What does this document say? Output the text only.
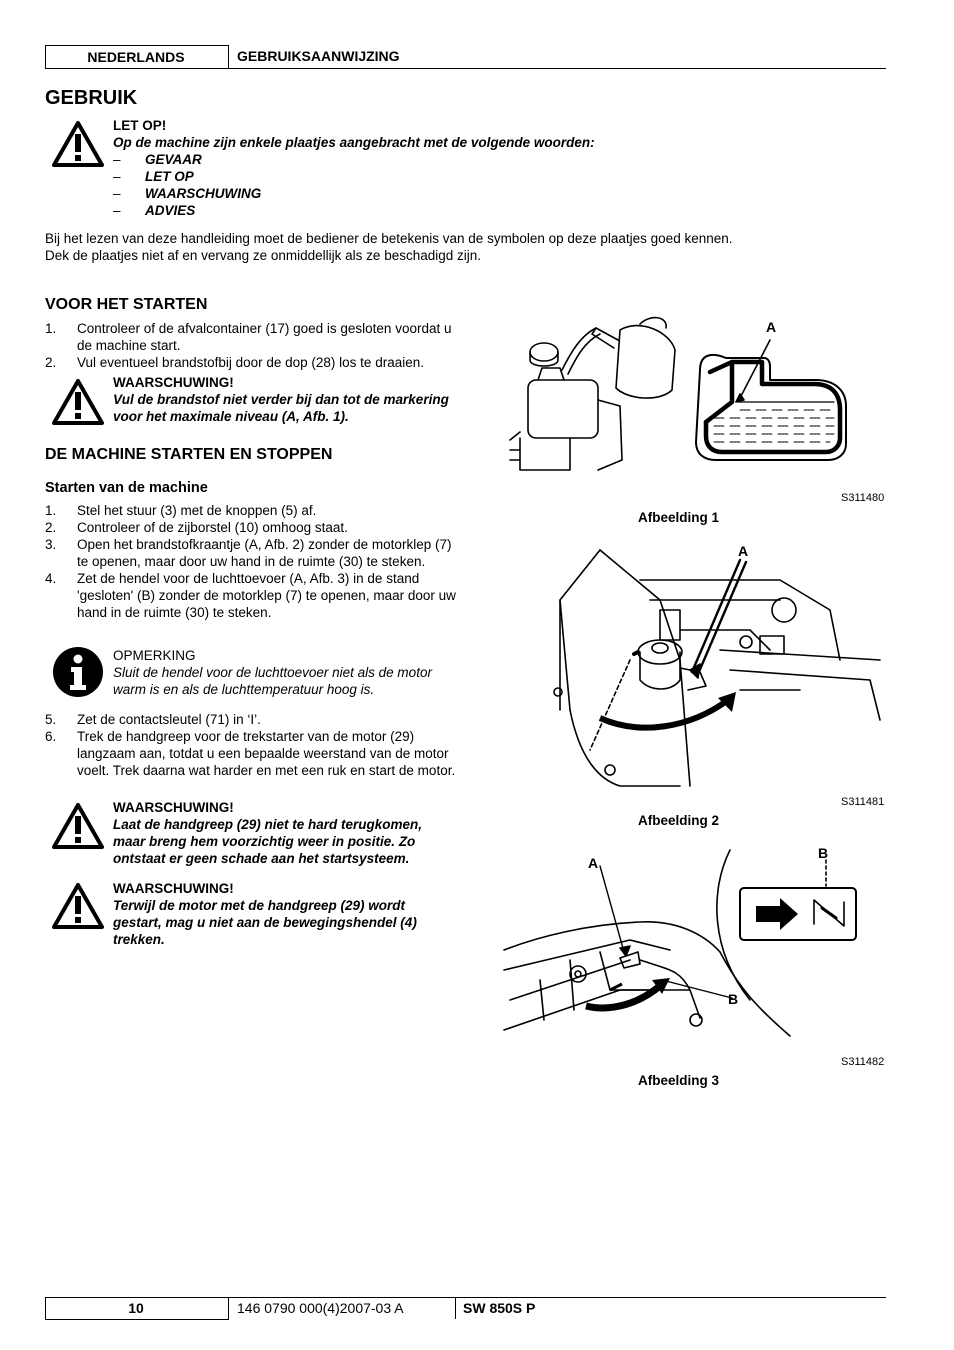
NEDERLANDS	GEBRUIKSAANWIJZING
GEBRUIK
LET OP!
Op de machine zijn enkele plaatjes aangebracht met de volgende woorden:
– GEVAAR
– LET OP
– WAARSCHUWING
– ADVIES
Bij het lezen van deze handleiding moet de bediener de betekenis van de symbolen op deze plaatjes goed kennen.
Dek de plaatjes niet af en vervang ze onmiddellijk als ze beschadigd zijn.
VOOR HET STARTEN
1. Controleer of de afvalcontainer (17) goed is gesloten voordat u de machine start.
2. Vul eventueel brandstofbij door de dop (28) los te draaien.
WAARSCHUWING!
Vul de brandstof niet verder bij dan tot de markering voor het maximale niveau (A, Afb. 1).
DE MACHINE STARTEN EN STOPPEN
Starten van de machine
1. Stel het stuur (3) met de knoppen (5) af.
2. Controleer of de zijborstel (10) omhoog staat.
3. Open het brandstofkraantje (A, Afb. 2) zonder de motorklep (7) te openen, maar door uw hand in de ruimte (30) te steken.
4. Zet de hendel voor de luchttoevoer (A, Afb. 3) in de stand 'gesloten' (B) zonder de motorklep (7) te openen, maar door uw hand in de ruimte (30) te steken.
OPMERKING
Sluit de hendel voor de luchttoevoer niet als de motor warm is en als de luchttemperatuur hoog is.
5. Zet de contactsleutel (71) in ‘I’.
6. Trek de handgreep voor de trekstarter van de motor (29) langzaam aan, totdat u een bepaalde weerstand van de motor voelt. Trek daarna wat harder en met een ruk en start de motor.
WAARSCHUWING!
Laat de handgreep (29) niet te hard terugkomen, maar breng hem voorzichtig weer in positie. Zo ontstaat er geen schade aan het startsysteem.
WAARSCHUWING!
Terwijl de motor met de handgreep (29) wordt gestart, mag u niet aan de bewegingshendel (4) trekken.
A
S311480
Afbeelding 1
A
S311481
Afbeelding 2
A
B
B
S311482
Afbeelding 3
10	146 0790 000(4)2007-03 A	SW 850S P
